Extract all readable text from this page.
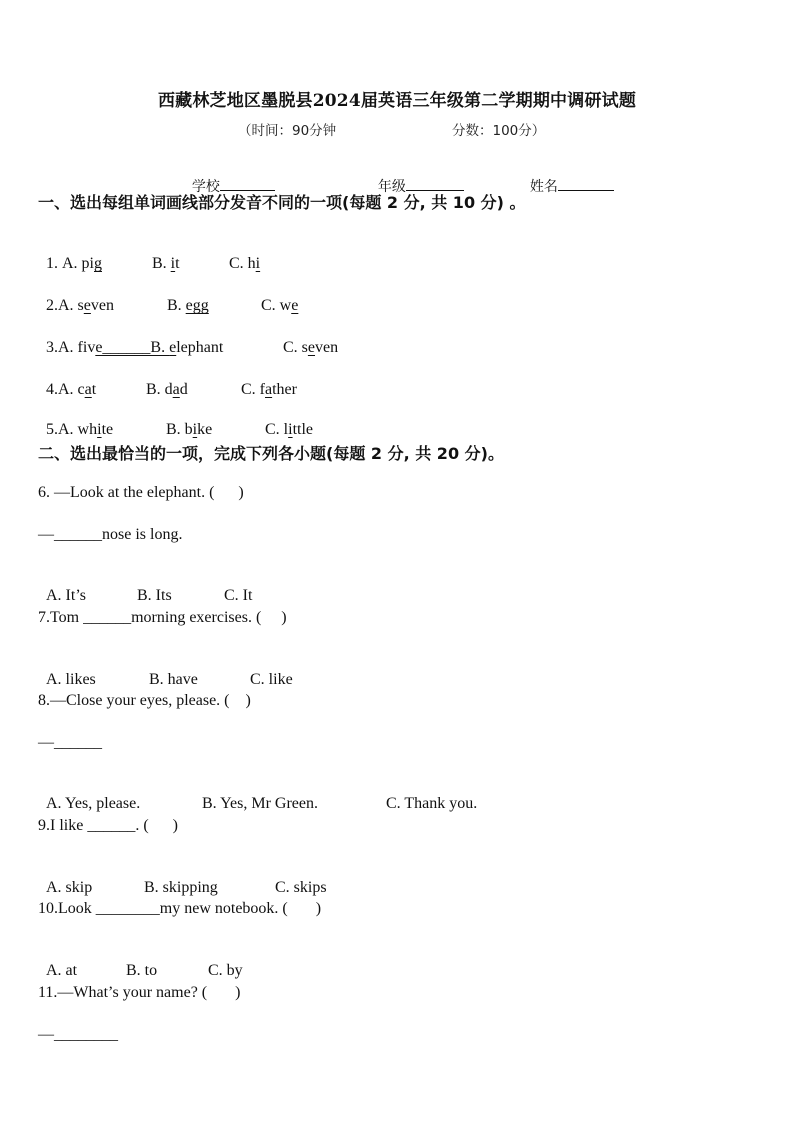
西藏林芝地区墨脱县2024届英语三年级第二学期期中调研试题
（时间：90分钟	分数：100分）

学校	年级	姓名

一、选出每组单词画线部分发音不同的一项(每题 2 分, 共 10 分) 。

1. A. pig	B. it	C. hi

2.A. seven	B. egg	C. we

3.A. five______B. elephant	C. seven

4.A. cat	B. dad	C. father

5.A. white	B. bike	C. little

二、选出最恰当的一项，完成下列各小题(每题 2 分, 共 20 分)。
6. —Look at the elephant. (      )
—______nose is long.

A. It’s	B. Its	C. It

7.Tom ______morning exercises. (     )

A. likes	B. have	C. like

8.—Close your eyes, please. (    )
—______

A. Yes, please.	B. Yes, Mr Green.	C. Thank you.

9.I like ______. (      )

A. skip	B. skipping	C. skips

10.Look ________my new notebook. (       )

A. at	B. to	C. by

11.—What’s your name? (       )
—________
